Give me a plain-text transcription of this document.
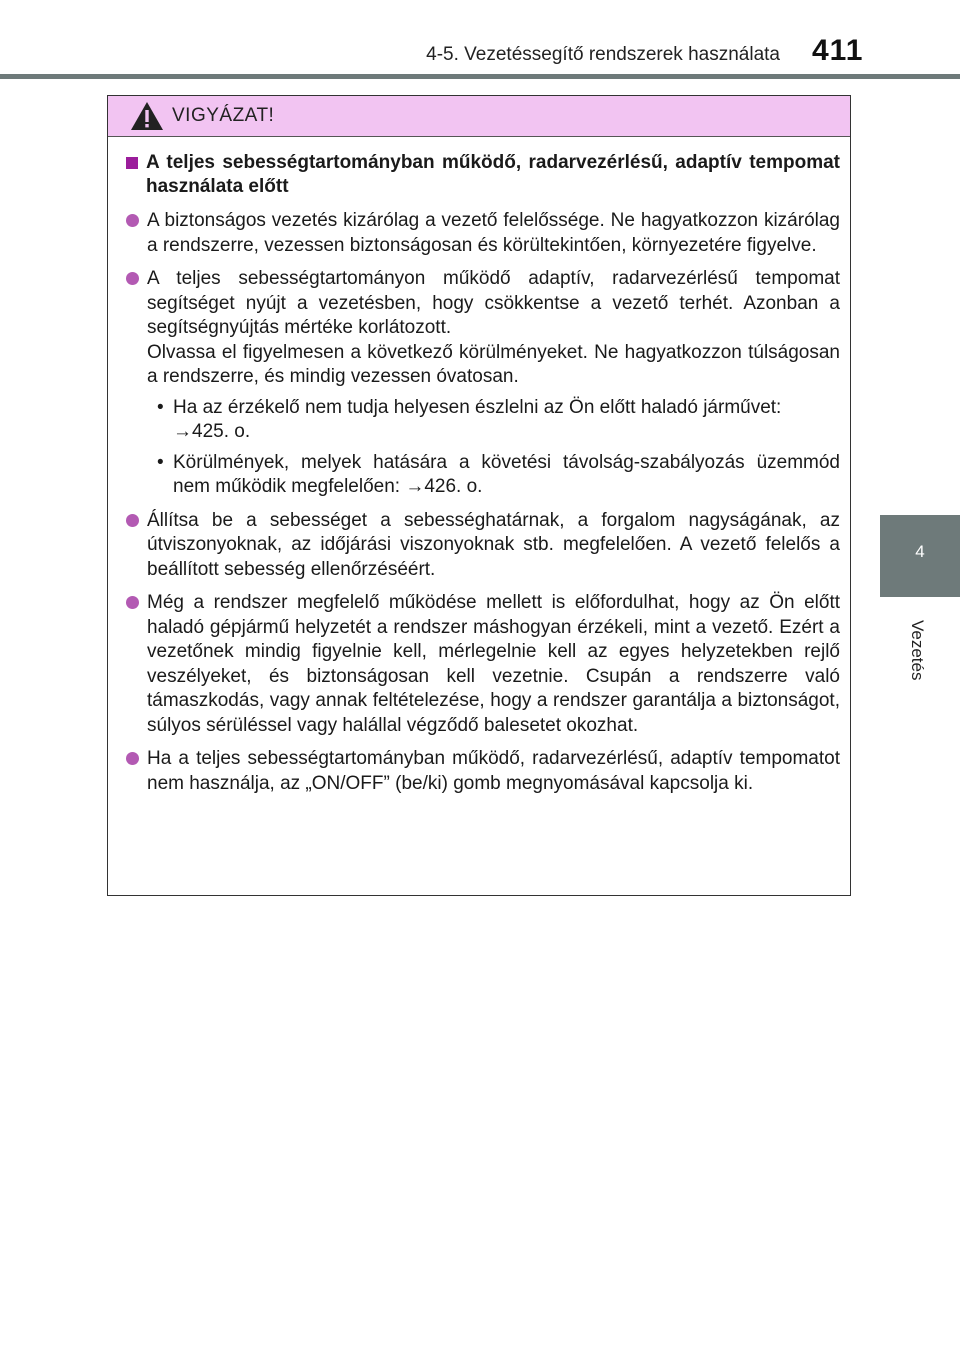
4-5. Vezetéssegítő rendszerek használata 411
4
Vezetés
VIGYÁZAT!
A teljes sebességtartományban működő, radarvezérlésű, adaptív tempomat használata előtt
A biztonságos vezetés kizárólag a vezető felelőssége. Ne hagyatkozzon kizárólag a rendszerre, vezessen biztonságosan és körültekintően, környezetére figyelve.
A teljes sebességtartományon működő adaptív, radarvezérlésű tempomat segítséget nyújt a vezetésben, hogy csökkentse a vezető terhét. Azonban a segítségnyújtás mértéke korlátozott.
Olvassa el figyelmesen a következő körülményeket. Ne hagyatkozzon túlságosan a rendszerre, és mindig vezessen óvatosan.
• Ha az érzékelő nem tudja helyesen észlelni az Ön előtt haladó járművet:
→425. o.
• Körülmények, melyek hatására a követési távolság-szabályozás üzemmód nem működik megfelelően: →426. o.
Állítsa be a sebességet a sebességhatárnak, a forgalom nagyságának, az útviszonyoknak, az időjárási viszonyoknak stb. megfelelően. A vezető felelős a beállított sebesség ellenőrzéséért.
Még a rendszer megfelelő működése mellett is előfordulhat, hogy az Ön előtt haladó gépjármű helyzetét a rendszer máshogyan érzékeli, mint a vezető. Ezért a vezetőnek mindig figyelnie kell, mérlegelnie kell az egyes helyzetekben rejlő veszélyeket, és biztonságosan kell vezetnie. Csupán a rendszerre való támaszkodás, vagy annak feltételezése, hogy a rendszer garantálja a biztonságot, súlyos sérüléssel vagy halállal végződő balesetet okozhat.
Ha a teljes sebességtartományban működő, radarvezérlésű, adaptív tempomatot nem használja, az „ON/OFF” (be/ki) gomb megnyomásával kapcsolja ki.
